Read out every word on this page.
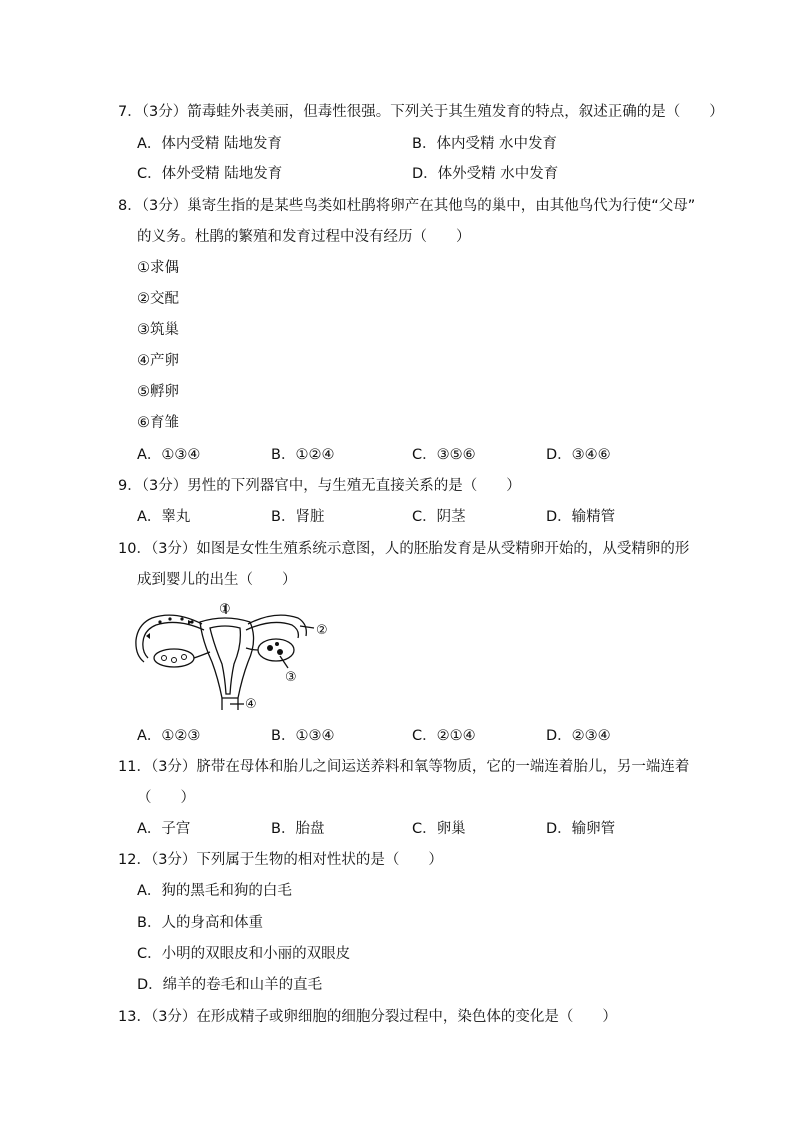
7．（3分）箭毒蛙外表美丽，但毒性很强。下列关于其生殖发育的特点，叙述正确的是（　　）
A．体内受精 陆地发育	B．体内受精 水中发育
C．体外受精 陆地发育	D．体外受精 水中发育
8．（3分）巢寄生指的是某些鸟类如杜鹃将卵产在其他鸟的巢中，由其他鸟代为行使“父母”
的义务。杜鹃的繁殖和发育过程中没有经历（　　）
①求偶
②交配
③筑巢
④产卵
⑤孵卵
⑥育雏
A．①③④	B．①②④	C．③⑤⑥	D．③④⑥
9．（3分）男性的下列器官中，与生殖无直接关系的是（　　）
A．睾丸	B．肾脏	C．阴茎	D．输精管
10．（3分）如图是女性生殖系统示意图，人的胚胎发育是从受精卵开始的，从受精卵的形
成到婴儿的出生（　　）
①
②
③
④
A．①②③	B．①③④	C．②①④	D．②③④
11．（3分）脐带在母体和胎儿之间运送养料和氧等物质，它的一端连着胎儿，另一端连着
（　　）
A．子宫	B．胎盘	C．卵巢	D．输卵管
12．（3分）下列属于生物的相对性状的是（　　）
A．狗的黑毛和狗的白毛
B．人的身高和体重
C．小明的双眼皮和小丽的双眼皮
D．绵羊的卷毛和山羊的直毛
13．（3分）在形成精子或卵细胞的细胞分裂过程中，染色体的变化是（　　）
